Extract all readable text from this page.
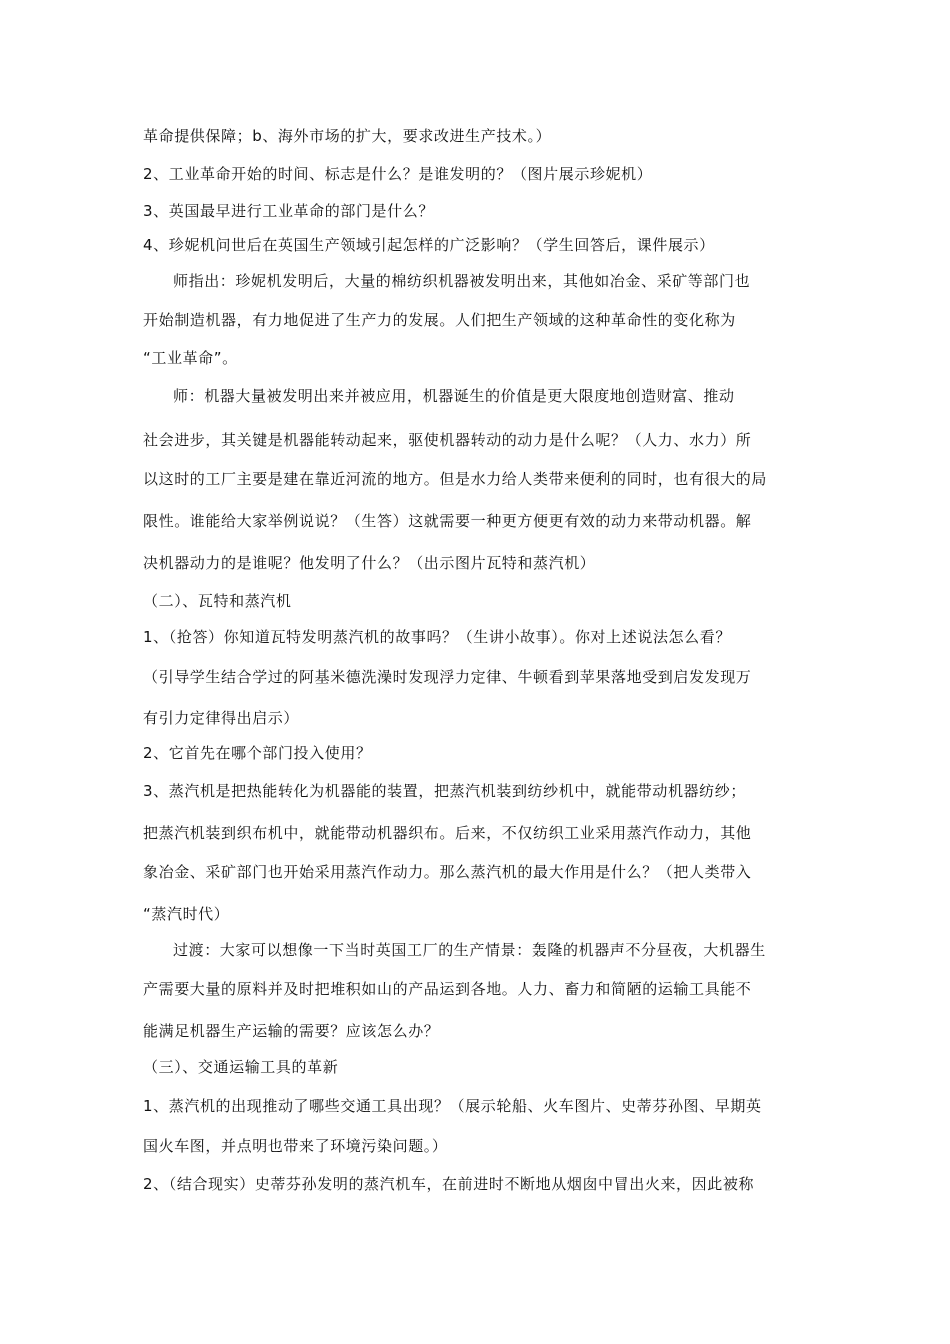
革命提供保障；b、海外市场的扩大，要求改进生产技术。）
2、工业革命开始的时间、标志是什么？是谁发明的？（图片展示珍妮机）
3、英国最早进行工业革命的部门是什么？
4、珍妮机问世后在英国生产领域引起怎样的广泛影响？（学生回答后，课件展示）
师指出：珍妮机发明后，大量的棉纺织机器被发明出来，其他如冶金、采矿等部门也
开始制造机器，有力地促进了生产力的发展。人们把生产领域的这种革命性的变化称为
“工业革命”。
师：机器大量被发明出来并被应用，机器诞生的价值是更大限度地创造财富、推动
社会进步，其关键是机器能转动起来，驱使机器转动的动力是什么呢？（人力、水力）所
以这时的工厂主要是建在靠近河流的地方。但是水力给人类带来便利的同时，也有很大的局
限性。谁能给大家举例说说？（生答）这就需要一种更方便更有效的动力来带动机器。解
决机器动力的是谁呢？他发明了什么？（出示图片瓦特和蒸汽机）
（二）、瓦特和蒸汽机
1、（抢答）你知道瓦特发明蒸汽机的故事吗？（生讲小故事）。你对上述说法怎么看？
（引导学生结合学过的阿基米德洗澡时发现浮力定律、牛顿看到苹果落地受到启发发现万
有引力定律得出启示）
2、它首先在哪个部门投入使用？
3、蒸汽机是把热能转化为机器能的装置，把蒸汽机装到纺纱机中，就能带动机器纺纱；
把蒸汽机装到织布机中，就能带动机器织布。后来，不仅纺织工业采用蒸汽作动力，其他
象冶金、采矿部门也开始采用蒸汽作动力。那么蒸汽机的最大作用是什么？（把人类带入
“蒸汽时代）
过渡：大家可以想像一下当时英国工厂的生产情景：轰隆的机器声不分昼夜，大机器生
产需要大量的原料并及时把堆积如山的产品运到各地。人力、畜力和简陋的运输工具能不
能满足机器生产运输的需要？应该怎么办？
（三）、交通运输工具的革新
1、蒸汽机的出现推动了哪些交通工具出现？（展示轮船、火车图片、史蒂芬孙图、早期英
国火车图，并点明也带来了环境污染问题。）
2、（结合现实）史蒂芬孙发明的蒸汽机车，在前进时不断地从烟囱中冒出火来，因此被称
